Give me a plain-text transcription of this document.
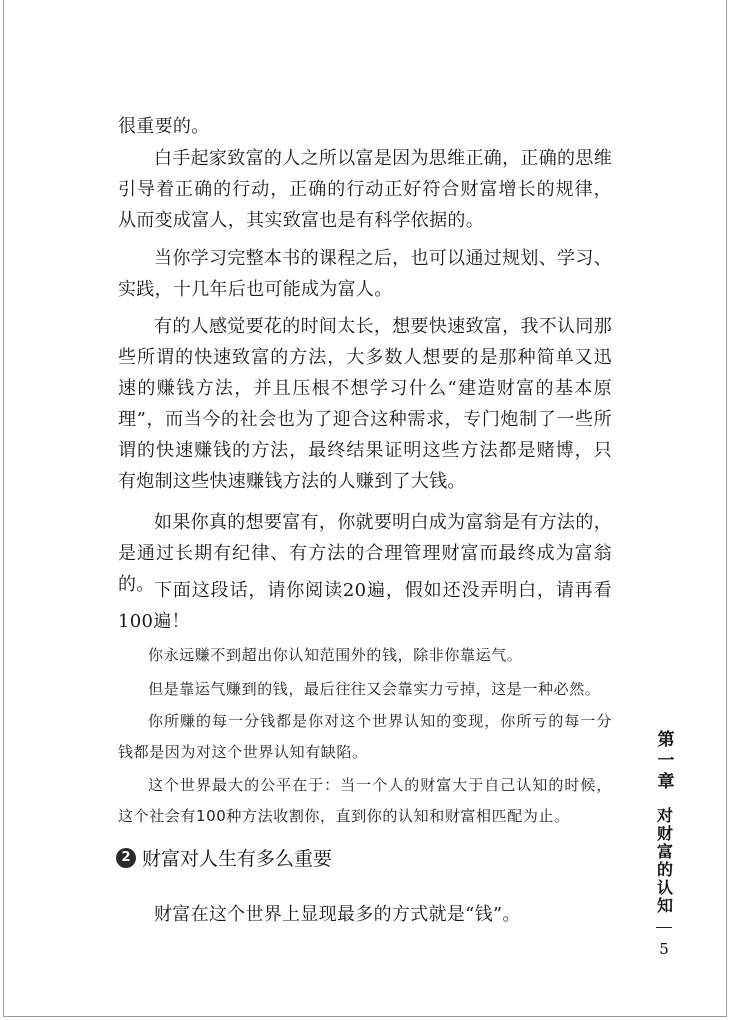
很重要的。

白手起家致富的人之所以富是因为思维正确，正确的思维引导着正确的行动，正确的行动正好符合财富增长的规律，从而变成富人，其实致富也是有科学依据的。

当你学习完整本书的课程之后，也可以通过规划、学习、实践，十几年后也可能成为富人。

有的人感觉要花的时间太长，想要快速致富，我不认同那些所谓的快速致富的方法，大多数人想要的是那种简单又迅速的赚钱方法，并且压根不想学习什么“建造财富的基本原理”，而当今的社会也为了迎合这种需求，专门炮制了一些所谓的快速赚钱的方法，最终结果证明这些方法都是赌博，只有炮制这些快速赚钱方法的人赚到了大钱。

如果你真的想要富有，你就要明白成为富翁是有方法的，是通过长期有纪律、有方法的合理管理财富而最终成为富翁的。 下面这段话，请你阅读20遍，假如还没弄明白，请再看100遍！

你永远赚不到超出你认知范围外的钱，除非你靠运气。

但是靠运气赚到的钱，最后往往又会靠实力亏掉，这是一种必然。

你所赚的每一分钱都是你对这个世界认知的变现，你所亏的每一分钱都是因为对这个世界认知有缺陷。

这个世界最大的公平在于：当一个人的财富大于自己认知的时候，这个社会有100种方法收割你，直到你的认知和财富相匹配为止。

2 财富对人生有多么重要

财富在这个世界上显现最多的方式就是“钱”。

第一章
对财富的认知
5
